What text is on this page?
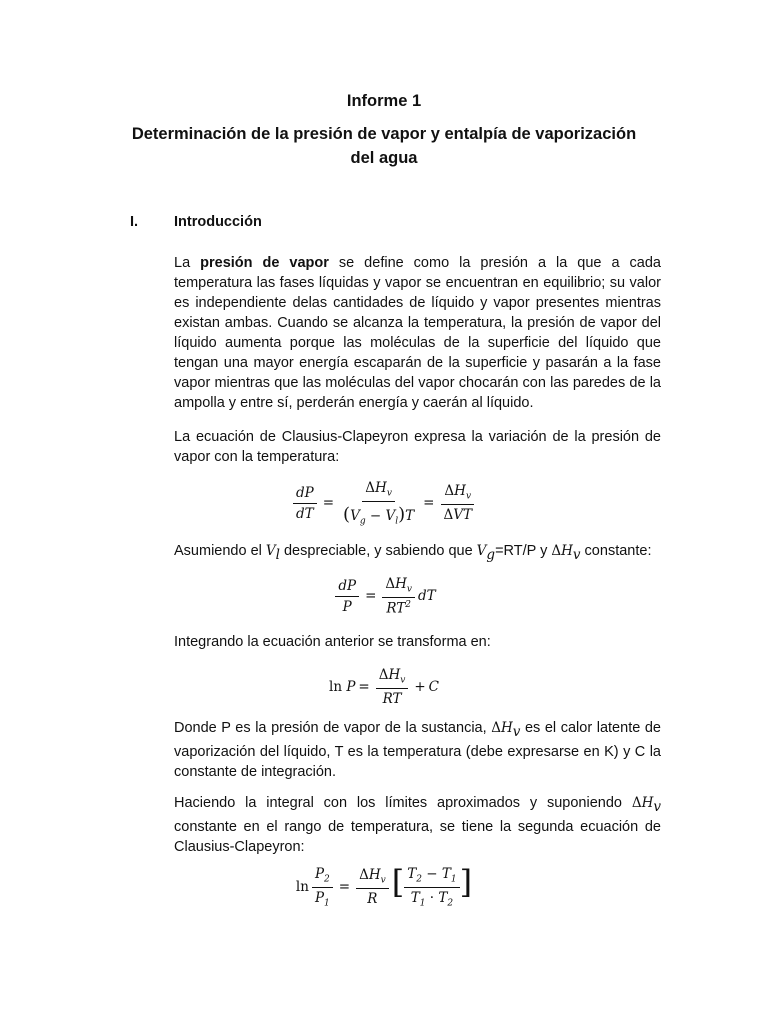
Informe 1
Determinación de la presión de vapor y entalpía de vaporización
del agua
I. Introducción

La presión de vapor se define como la presión a la que a cada temperatura las fases líquidas y vapor se encuentran en equilibrio; su valor es independiente delas cantidades de líquido y vapor presentes mientras existan ambas. Cuando se alcanza la temperatura, la presión de vapor del líquido aumenta porque las moléculas de la superficie del líquido que tengan una mayor energía escaparán de la superficie y pasarán a la fase vapor mientras que las moléculas del vapor chocarán con las paredes de la ampolla y entre sí, perderán energía y caerán al líquido.

La ecuación de Clausius-Clapeyron expresa la variación de la presión de vapor con la temperatura:

$\frac{dP}{dT} = \frac{\Delta H_v}{(V_g - V_l)T} = \frac{\Delta H_v}{\text{ΔVT}}$

Asumiendo el $V_l$ despreciable, y sabiendo que $V_g=RT/P$ y $\Delta H_v$ constante:

$\frac{dP}{P} = \frac{\Delta H_v}{RT^2}$ dT

Integrando la ecuación anterior se transforma en:

ln
$P = \frac{\Delta H_v}{RT} + C$

Donde P es la presión de vapor de la sustancia, $\Delta H_v$ es el calor latente de vaporización del líquido, T es la temperatura (debe expresarse en K) y C la constante de integración.

Haciendo la integral con los límites aproximados y suponiendo $\Delta H_v$ constante en el rango de temperatura, se tiene la segunda ecuación de Clausius-Clapeyron:

$\ln \frac{P_2}{P_1} = \frac{\Delta H_v}{R}$ [ $\frac{T_2 - T_1}{T_1 \cdot T_2}$ ]
